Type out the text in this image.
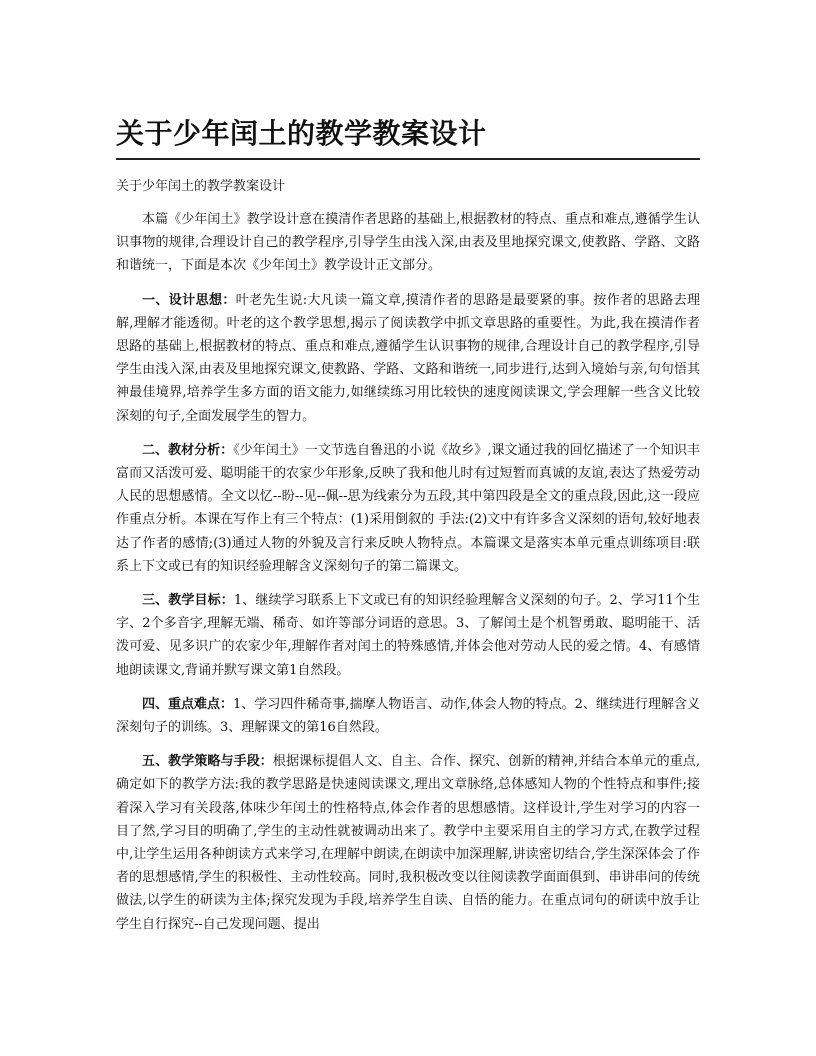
关于少年闰土的教学教案设计
关于少年闰土的教学教案设计

本篇《少年闰土》教学设计意在摸清作者思路的基础上,根据教材的特点、重点和难点,遵循学生认识事物的规律,合理设计自己的教学程序,引导学生由浅入深,由表及里地探究课文,使教路、学路、文路和谐统一，下面是本次《少年闰土》教学设计正文部分。

一、设计思想：叶老先生说:大凡读一篇文章,摸清作者的思路是最要紧的事。按作者的思路去理解,理解才能透彻。叶老的这个教学思想,揭示了阅读教学中抓文章思路的重要性。为此,我在摸清作者思路的基础上,根据教材的特点、重点和难点,遵循学生认识事物的规律,合理设计自己的教学程序,引导学生由浅入深,由表及里地探究课文,使教路、学路、文路和谐统一,同步进行,达到入境始与亲,句句悟其神最佳境界,培养学生多方面的语文能力,如继续练习用比较快的速度阅读课文,学会理解一些含义比较深刻的句子,全面发展学生的智力。

二、教材分析：《少年闰土》一文节选自鲁迅的小说《故乡》,课文通过我的回忆描述了一个知识丰富而又活泼可爱、聪明能干的农家少年形象,反映了我和他儿时有过短暂而真诚的友谊,表达了热爱劳动人民的思想感情。全文以忆--盼--见--佩--思为线索分为五段,其中第四段是全文的重点段,因此,这一段应作重点分析。本课在写作上有三个特点：(1)采用倒叙的 手法:(2)文中有许多含义深刻的语句,较好地表达了作者的感情;(3)通过人物的外貌及言行来反映人物特点。本篇课文是落实本单元重点训练项目:联系上下文或已有的知识经验理解含义深刻句子的第二篇课文。

三、教学目标：1、继续学习联系上下文或已有的知识经验理解含义深刻的句子。2、学习11个生字、2个多音字,理解无端、稀奇、如许等部分词语的意思。3、了解闰土是个机智勇敢、聪明能干、活泼可爱、见多识广的农家少年,理解作者对闰土的特殊感情,并体会他对劳动人民的爱之情。4、有感情地朗读课文,背诵并默写课文第1自然段。

四、重点难点：1、学习四件稀奇事,揣摩人物语言、动作,体会人物的特点。2、继续进行理解含义深刻句子的训练。3、理解课文的第16自然段。

五、教学策略与手段：根据课标提倡人文、自主、合作、探究、创新的精神,并结合本单元的重点,确定如下的教学方法:我的教学思路是快速阅读课文,理出文章脉络,总体感知人物的个性特点和事件;接着深入学习有关段落,体味少年闰土的性格特点,体会作者的思想感情。这样设计,学生对学习的内容一目了然,学习目的明确了,学生的主动性就被调动出来了。教学中主要采用自主的学习方式,在教学过程中,让学生运用各种朗读方式来学习,在理解中朗读,在朗读中加深理解,讲读密切结合,学生深深体会了作者的思想感情,学生的积极性、主动性较高。同时,我积极改变以往阅读教学面面俱到、串讲串问的传统做法,以学生的研读为主体;探究发现为手段,培养学生自读、自悟的能力。在重点词句的研读中放手让学生自行探究--自己发现问题、提出
